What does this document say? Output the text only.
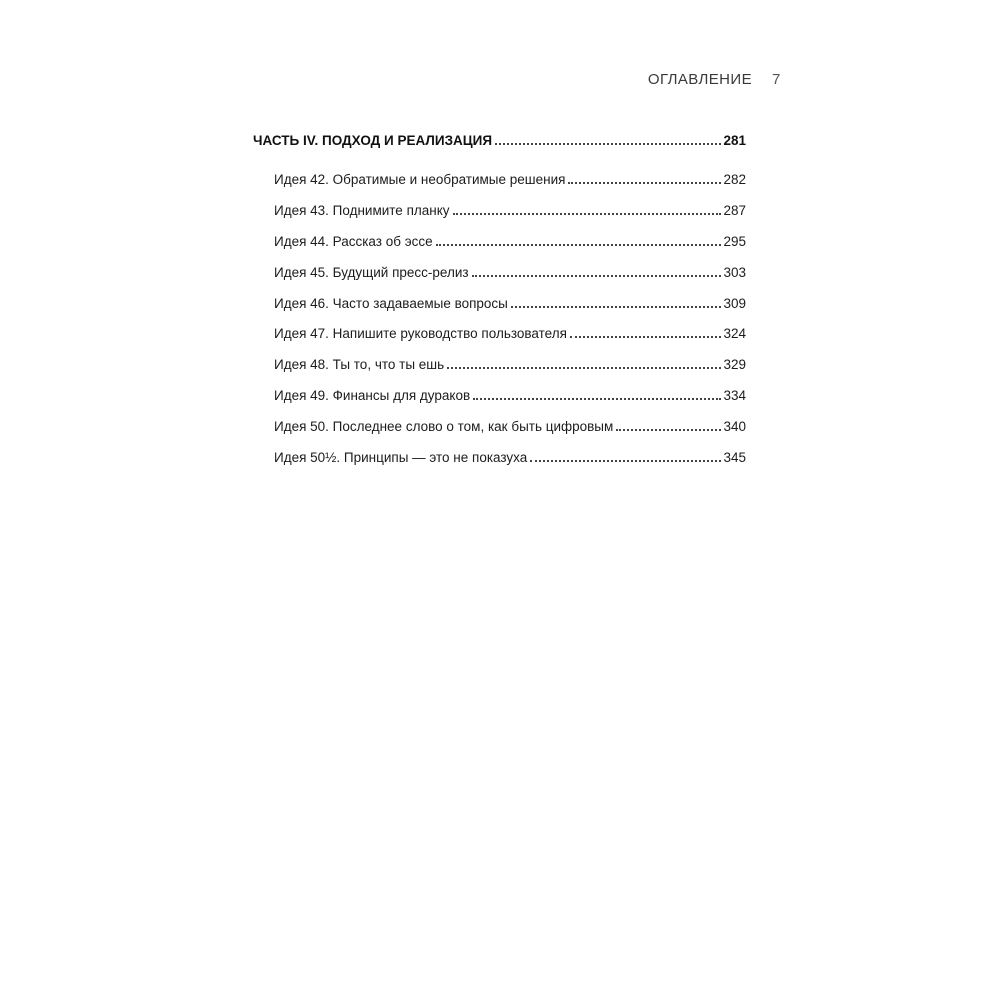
ОГЛАВЛЕНИЕ 7
ЧАСТЬ IV. ПОДХОД И РЕАЛИЗАЦИЯ	281
Идея 42. Обратимые и необратимые решения	282
Идея 43. Поднимите планку	287
Идея 44. Рассказ об эссе	295
Идея 45. Будущий пресс-релиз	303
Идея 46. Часто задаваемые вопросы	309
Идея 47. Напишите руководство пользователя	324
Идея 48. Ты то, что ты ешь	329
Идея 49. Финансы для дураков	334
Идея 50. Последнее слово о том, как быть цифровым	340
Идея 50½. Принципы — это не показуха	345
